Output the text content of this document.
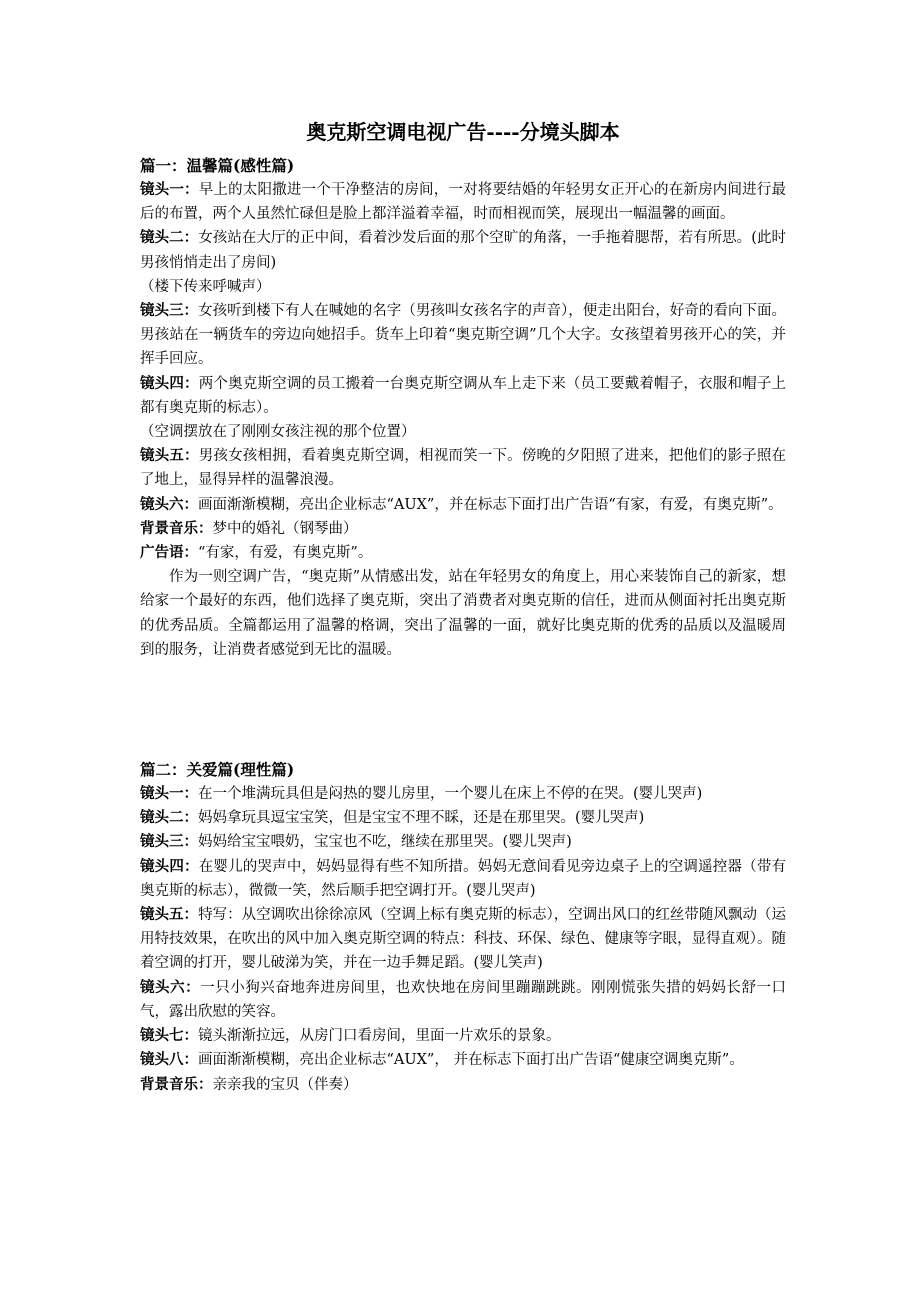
奥克斯空调电视广告----分境头脚本
篇一：温馨篇(感性篇)

镜头一：早上的太阳撒进一个干净整洁的房间，一对将要结婚的年轻男女正开心的在新房内间进行最后的布置，两个人虽然忙碌但是脸上都洋溢着幸福，时而相视而笑，展现出一幅温馨的画面。

镜头二：女孩站在大厅的正中间，看着沙发后面的那个空旷的角落，一手拖着腮帮，若有所思。(此时男孩悄悄走出了房间)

（楼下传来呼喊声）

镜头三：女孩听到楼下有人在喊她的名字（男孩叫女孩名字的声音），便走出阳台，好奇的看向下面。男孩站在一辆货车的旁边向她招手。货车上印着“奥克斯空调”几个大字。女孩望着男孩开心的笑，并挥手回应。

镜头四：两个奥克斯空调的员工搬着一台奥克斯空调从车上走下来（员工要戴着帽子，衣服和帽子上都有奥克斯的标志）。

（空调摆放在了刚刚女孩注视的那个位置）

镜头五：男孩女孩相拥，看着奥克斯空调，相视而笑一下。傍晚的夕阳照了进来，把他们的影子照在了地上，显得异样的温馨浪漫。

镜头六：画面渐渐模糊，亮出企业标志“AUX”，并在标志下面打出广告语“有家，有爱，有奥克斯”。

背景音乐：梦中的婚礼（钢琴曲）

广告语：“有家，有爱，有奥克斯”。

作为一则空调广告，“奥克斯”从情感出发，站在年轻男女的角度上，用心来装饰自己的新家，想给家一个最好的东西，他们选择了奥克斯，突出了消费者对奥克斯的信任，进而从侧面衬托出奥克斯的优秀品质。全篇都运用了温馨的格调，突出了温馨的一面，就好比奥克斯的优秀的品质以及温暖周到的服务，让消费者感觉到无比的温暖。

篇二：关爱篇(理性篇)

镜头一：在一个堆满玩具但是闷热的婴儿房里，一个婴儿在床上不停的在哭。(婴儿哭声)

镜头二：妈妈拿玩具逗宝宝笑，但是宝宝不理不睬，还是在那里哭。(婴儿哭声)

镜头三：妈妈给宝宝喂奶，宝宝也不吃，继续在那里哭。(婴儿哭声)

镜头四：在婴儿的哭声中，妈妈显得有些不知所措。妈妈无意间看见旁边桌子上的空调遥控器（带有奥克斯的标志），微微一笑，然后顺手把空调打开。(婴儿哭声)

镜头五：特写：从空调吹出徐徐凉风（空调上标有奥克斯的标志），空调出风口的红丝带随风飘动（运用特技效果，在吹出的风中加入奥克斯空调的特点：科技、环保、绿色、健康等字眼，显得直观）。随着空调的打开，婴儿破涕为笑，并在一边手舞足蹈。(婴儿笑声)

镜头六：一只小狗兴奋地奔进房间里，也欢快地在房间里蹦蹦跳跳。刚刚慌张失措的妈妈长舒一口气，露出欣慰的笑容。

镜头七：镜头渐渐拉远，从房门口看房间，里面一片欢乐的景象。

镜头八：画面渐渐模糊，亮出企业标志“AUX”， 并在标志下面打出广告语“健康空调奥克斯”。

背景音乐：亲亲我的宝贝（伴奏）
